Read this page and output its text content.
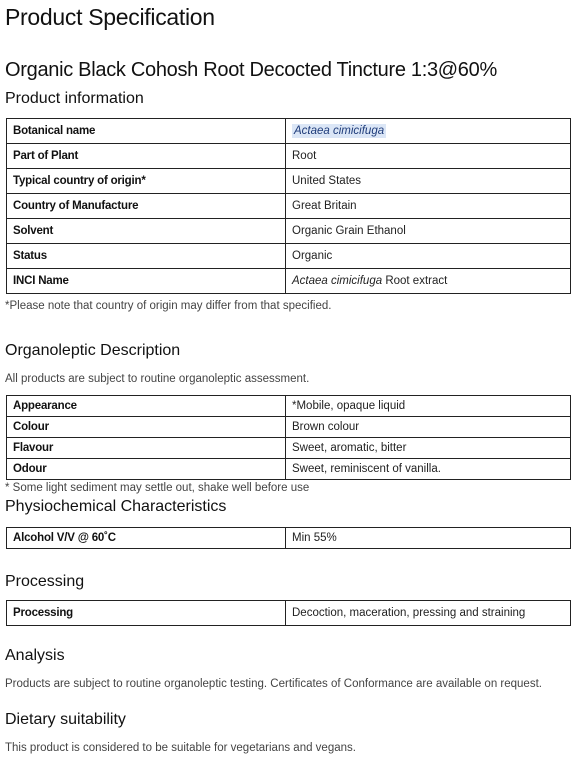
Product Specification
Organic Black Cohosh Root Decocted Tincture 1:3@60%
Product information
Botanical name	Actaea cimicifuga
Part of Plant	Root
Typical country of origin*	United States
Country of Manufacture	Great Britain
Solvent	Organic Grain Ethanol
Status	Organic
INCI Name	Actaea cimicifuga Root extract

*Please note that country of origin may differ from that specified.

Organoleptic Description

All products are subject to routine organoleptic assessment.

Appearance	*Mobile, opaque liquid
Colour	Brown colour
Flavour	Sweet, aromatic, bitter
Odour	Sweet, reminiscent of vanilla.

* Some light sediment may settle out, shake well before use

Physiochemical Characteristics
Alcohol V/V @ 60˚C	Min 55%
Processing
Processing	Decoction, maceration, pressing and straining
Analysis

Products are subject to routine organoleptic testing. Certificates of Conformance are available on request.

Dietary suitability

This product is considered to be suitable for vegetarians and vegans.
